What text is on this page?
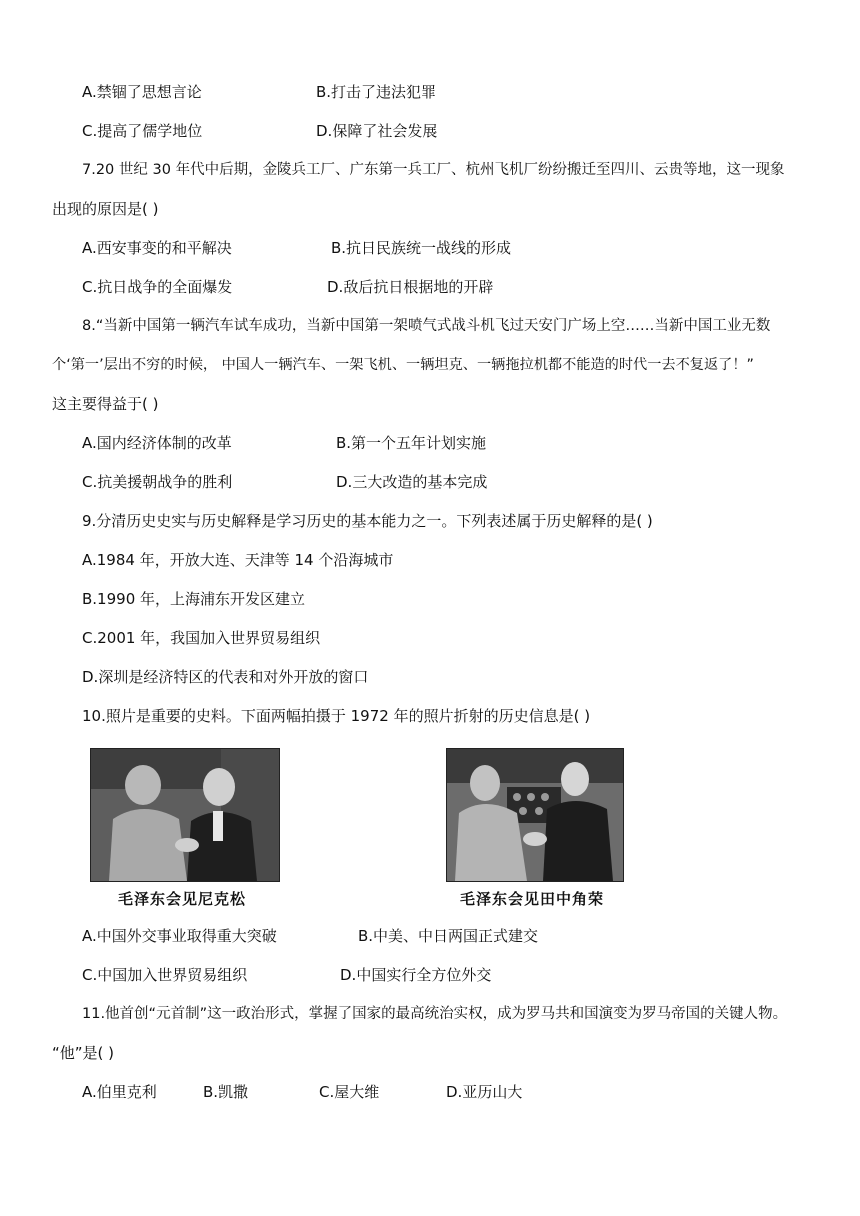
A.禁锢了思想言论	B.打击了违法犯罪
C.提高了儒学地位	D.保障了社会发展
7.20 世纪 30 年代中后期，金陵兵工厂、广东第一兵工厂、杭州飞机厂纷纷搬迁至四川、云贵等地，这一现象
出现的原因是( )
A.西安事变的和平解决	B.抗日民族统一战线的形成
C.抗日战争的全面爆发	D.敌后抗日根据地的开辟
8.“当新中国第一辆汽车试车成功，当新中国第一架喷气式战斗机飞过天安门广场上空……当新中国工业无数
个‘第一’层出不穷的时候， 中国人一辆汽车、一架飞机、一辆坦克、一辆拖拉机都不能造的时代一去不复返了！”
这主要得益于( )
A.国内经济体制的改革	B.第一个五年计划实施
C.抗美援朝战争的胜利	D.三大改造的基本完成
9.分清历史史实与历史解释是学习历史的基本能力之一。下列表述属于历史解释的是( )
A.1984 年，开放大连、天津等 14 个沿海城市
B.1990 年，上海浦东开发区建立
C.2001 年，我国加入世界贸易组织
D.深圳是经济特区的代表和对外开放的窗口
10.照片是重要的史料。下面两幅拍摄于 1972 年的照片折射的历史信息是( )
毛泽东会见尼克松	毛泽东会见田中角荣
A.中国外交事业取得重大突破	B.中美、中日两国正式建交
C.中国加入世界贸易组织	D.中国实行全方位外交
11.他首创“元首制”这一政治形式，掌握了国家的最高统治实权，成为罗马共和国演变为罗马帝国的关键人物。
“他”是( )
A.伯里克利	B.凯撒	C.屋大维	D.亚历山大
